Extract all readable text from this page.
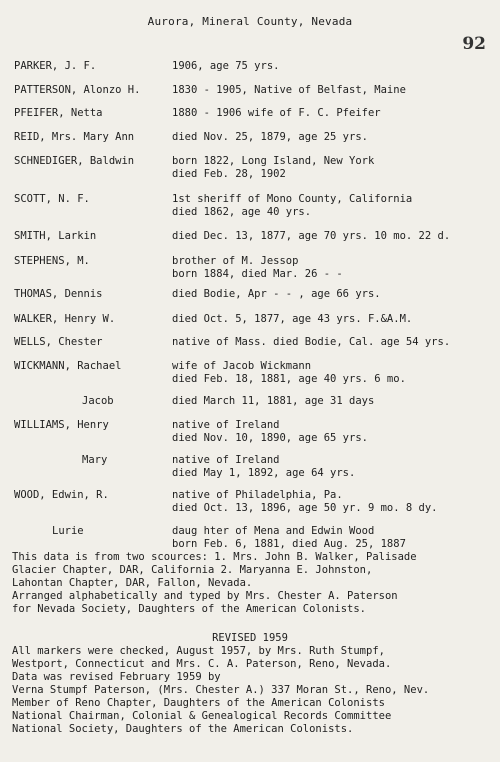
Aurora, Mineral County, Nevada
92
PARKER, J. F.	1906, age 75 yrs.
PATTERSON, Alonzo H.	1830 - 1905, Native of Belfast, Maine
PFEIFER, Netta	1880 - 1906 wife of F. C. Pfeifer
REID, Mrs. Mary Ann	died Nov. 25, 1879, age 25 yrs.
SCHNEDIGER, Baldwin	born 1822, Long Island, New York
died Feb. 28, 1902
SCOTT, N. F.	1st sheriff of Mono County, California
died 1862, age 40 yrs.
SMITH, Larkin	died Dec. 13, 1877, age 70 yrs. 10 mo. 22 d.
STEPHENS, M.	brother of M. Jessop
born 1884, died Mar. 26 - -
THOMAS, Dennis	died Bodie, Apr - - , age 66 yrs.
WALKER, Henry W.	died Oct. 5, 1877, age 43 yrs. F.&A.M.
WELLS, Chester	native of Mass. died Bodie, Cal. age 54 yrs.
WICKMANN, Rachael	wife of Jacob Wickmann
died Feb. 18, 1881, age 40 yrs. 6 mo.
Jacob	died March 11, 1881, age 31 days
WILLIAMS, Henry	native of Ireland
died Nov. 10, 1890, age 65 yrs.
Mary	native of Ireland
died May 1, 1892, age 64 yrs.
WOOD, Edwin, R.	native of Philadelphia, Pa.
died Oct. 13, 1896, age 50 yr. 9 mo. 8 dy.
Lurie	daug hter of Mena and Edwin Wood
born Feb. 6, 1881, died Aug. 25, 1887
This data is from two scources: 1. Mrs. John B. Walker, Palisade
Glacier Chapter, DAR, California 2. Maryanna E. Johnston,
Lahontan Chapter, DAR, Fallon, Nevada.
Arranged alphabetically and typed by Mrs. Chester A. Paterson
for Nevada Society, Daughters of the American Colonists.
REVISED 1959
All markers were checked, August 1957, by Mrs. Ruth Stumpf,
Westport, Connecticut and Mrs. C. A. Paterson, Reno, Nevada.
Data was revised February 1959 by
Verna Stumpf Paterson, (Mrs. Chester A.) 337 Moran St., Reno, Nev.
Member of Reno Chapter, Daughters of the American Colonists
National Chairman, Colonial & Genealogical Records Committee
National Society, Daughters of the American Colonists.
